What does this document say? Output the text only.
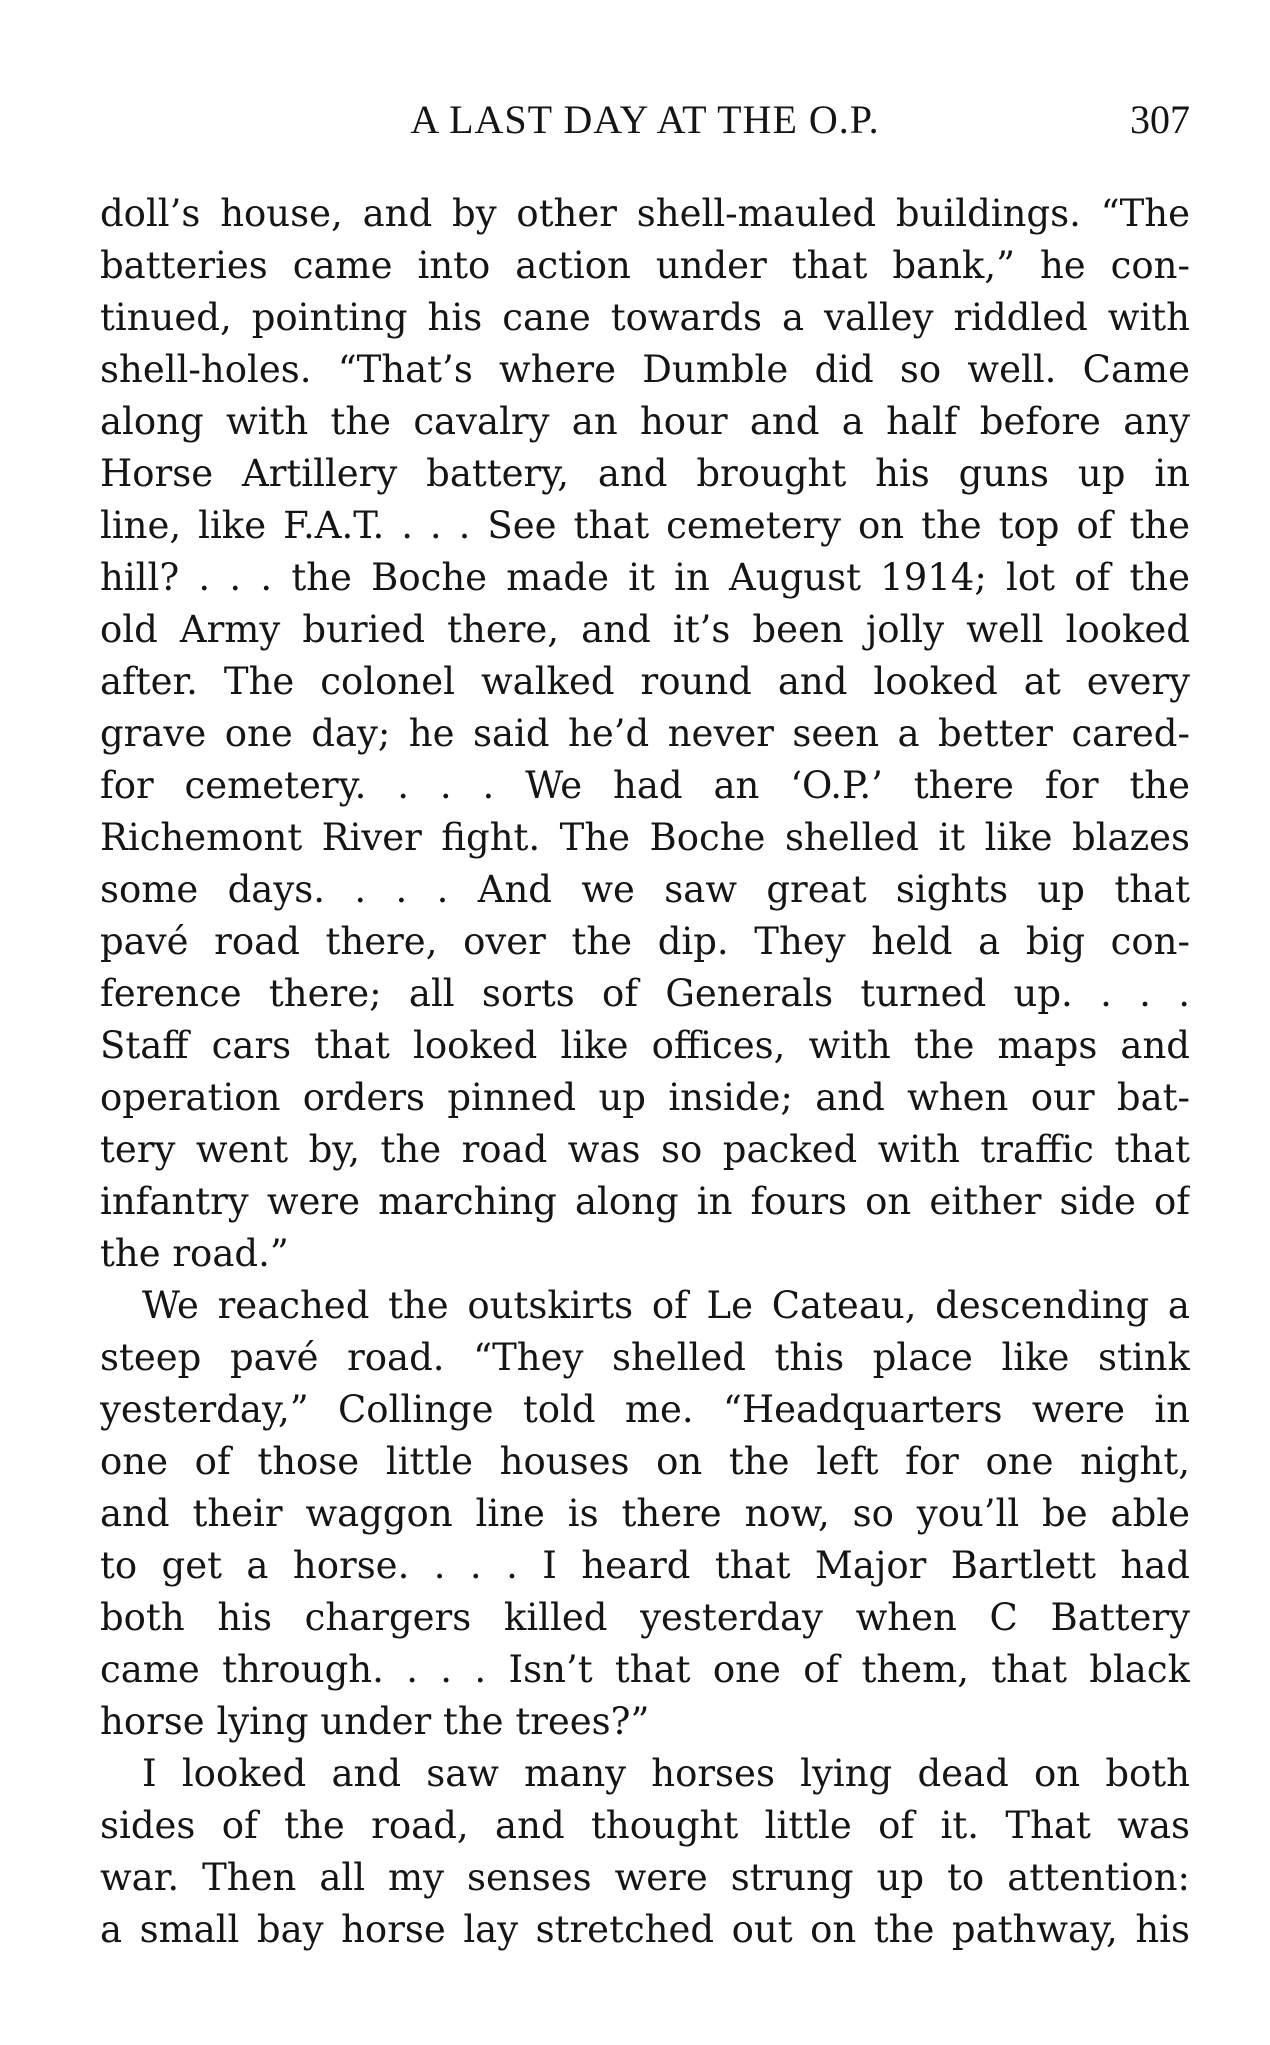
A LAST DAY AT THE O.P.	307
doll’s house, and by other shell-mauled buildings. “The
batteries came into action under that bank,” he con-
tinued, pointing his cane towards a valley riddled with
shell-holes. “That’s where Dumble did so well. Came
along with the cavalry an hour and a half before any
Horse Artillery battery, and brought his guns up in
line, like F.A.T. . . . See that cemetery on the top of the
hill? . . . the Boche made it in August 1914; lot of the
old Army buried there, and it’s been jolly well looked
after. The colonel walked round and looked at every
grave one day; he said he’d never seen a better cared-
for cemetery. . . . We had an ‘O.P.’ there for the
Richemont River fight. The Boche shelled it like blazes
some days. . . . And we saw great sights up that
pavé road there, over the dip. They held a big con-
ference there; all sorts of Generals turned up. . . .
Staff cars that looked like offices, with the maps and
operation orders pinned up inside; and when our bat-
tery went by, the road was so packed with traffic that
infantry were marching along in fours on either side of
the road.”
We reached the outskirts of Le Cateau, descending a
steep pavé road. “They shelled this place like stink
yesterday,” Collinge told me. “Headquarters were in
one of those little houses on the left for one night,
and their waggon line is there now, so you’ll be able
to get a horse. . . . I heard that Major Bartlett had
both his chargers killed yesterday when C Battery
came through. . . . Isn’t that one of them, that black
horse lying under the trees?”
I looked and saw many horses lying dead on both
sides of the road, and thought little of it. That was
war. Then all my senses were strung up to attention:
a small bay horse lay stretched out on the pathway, his
